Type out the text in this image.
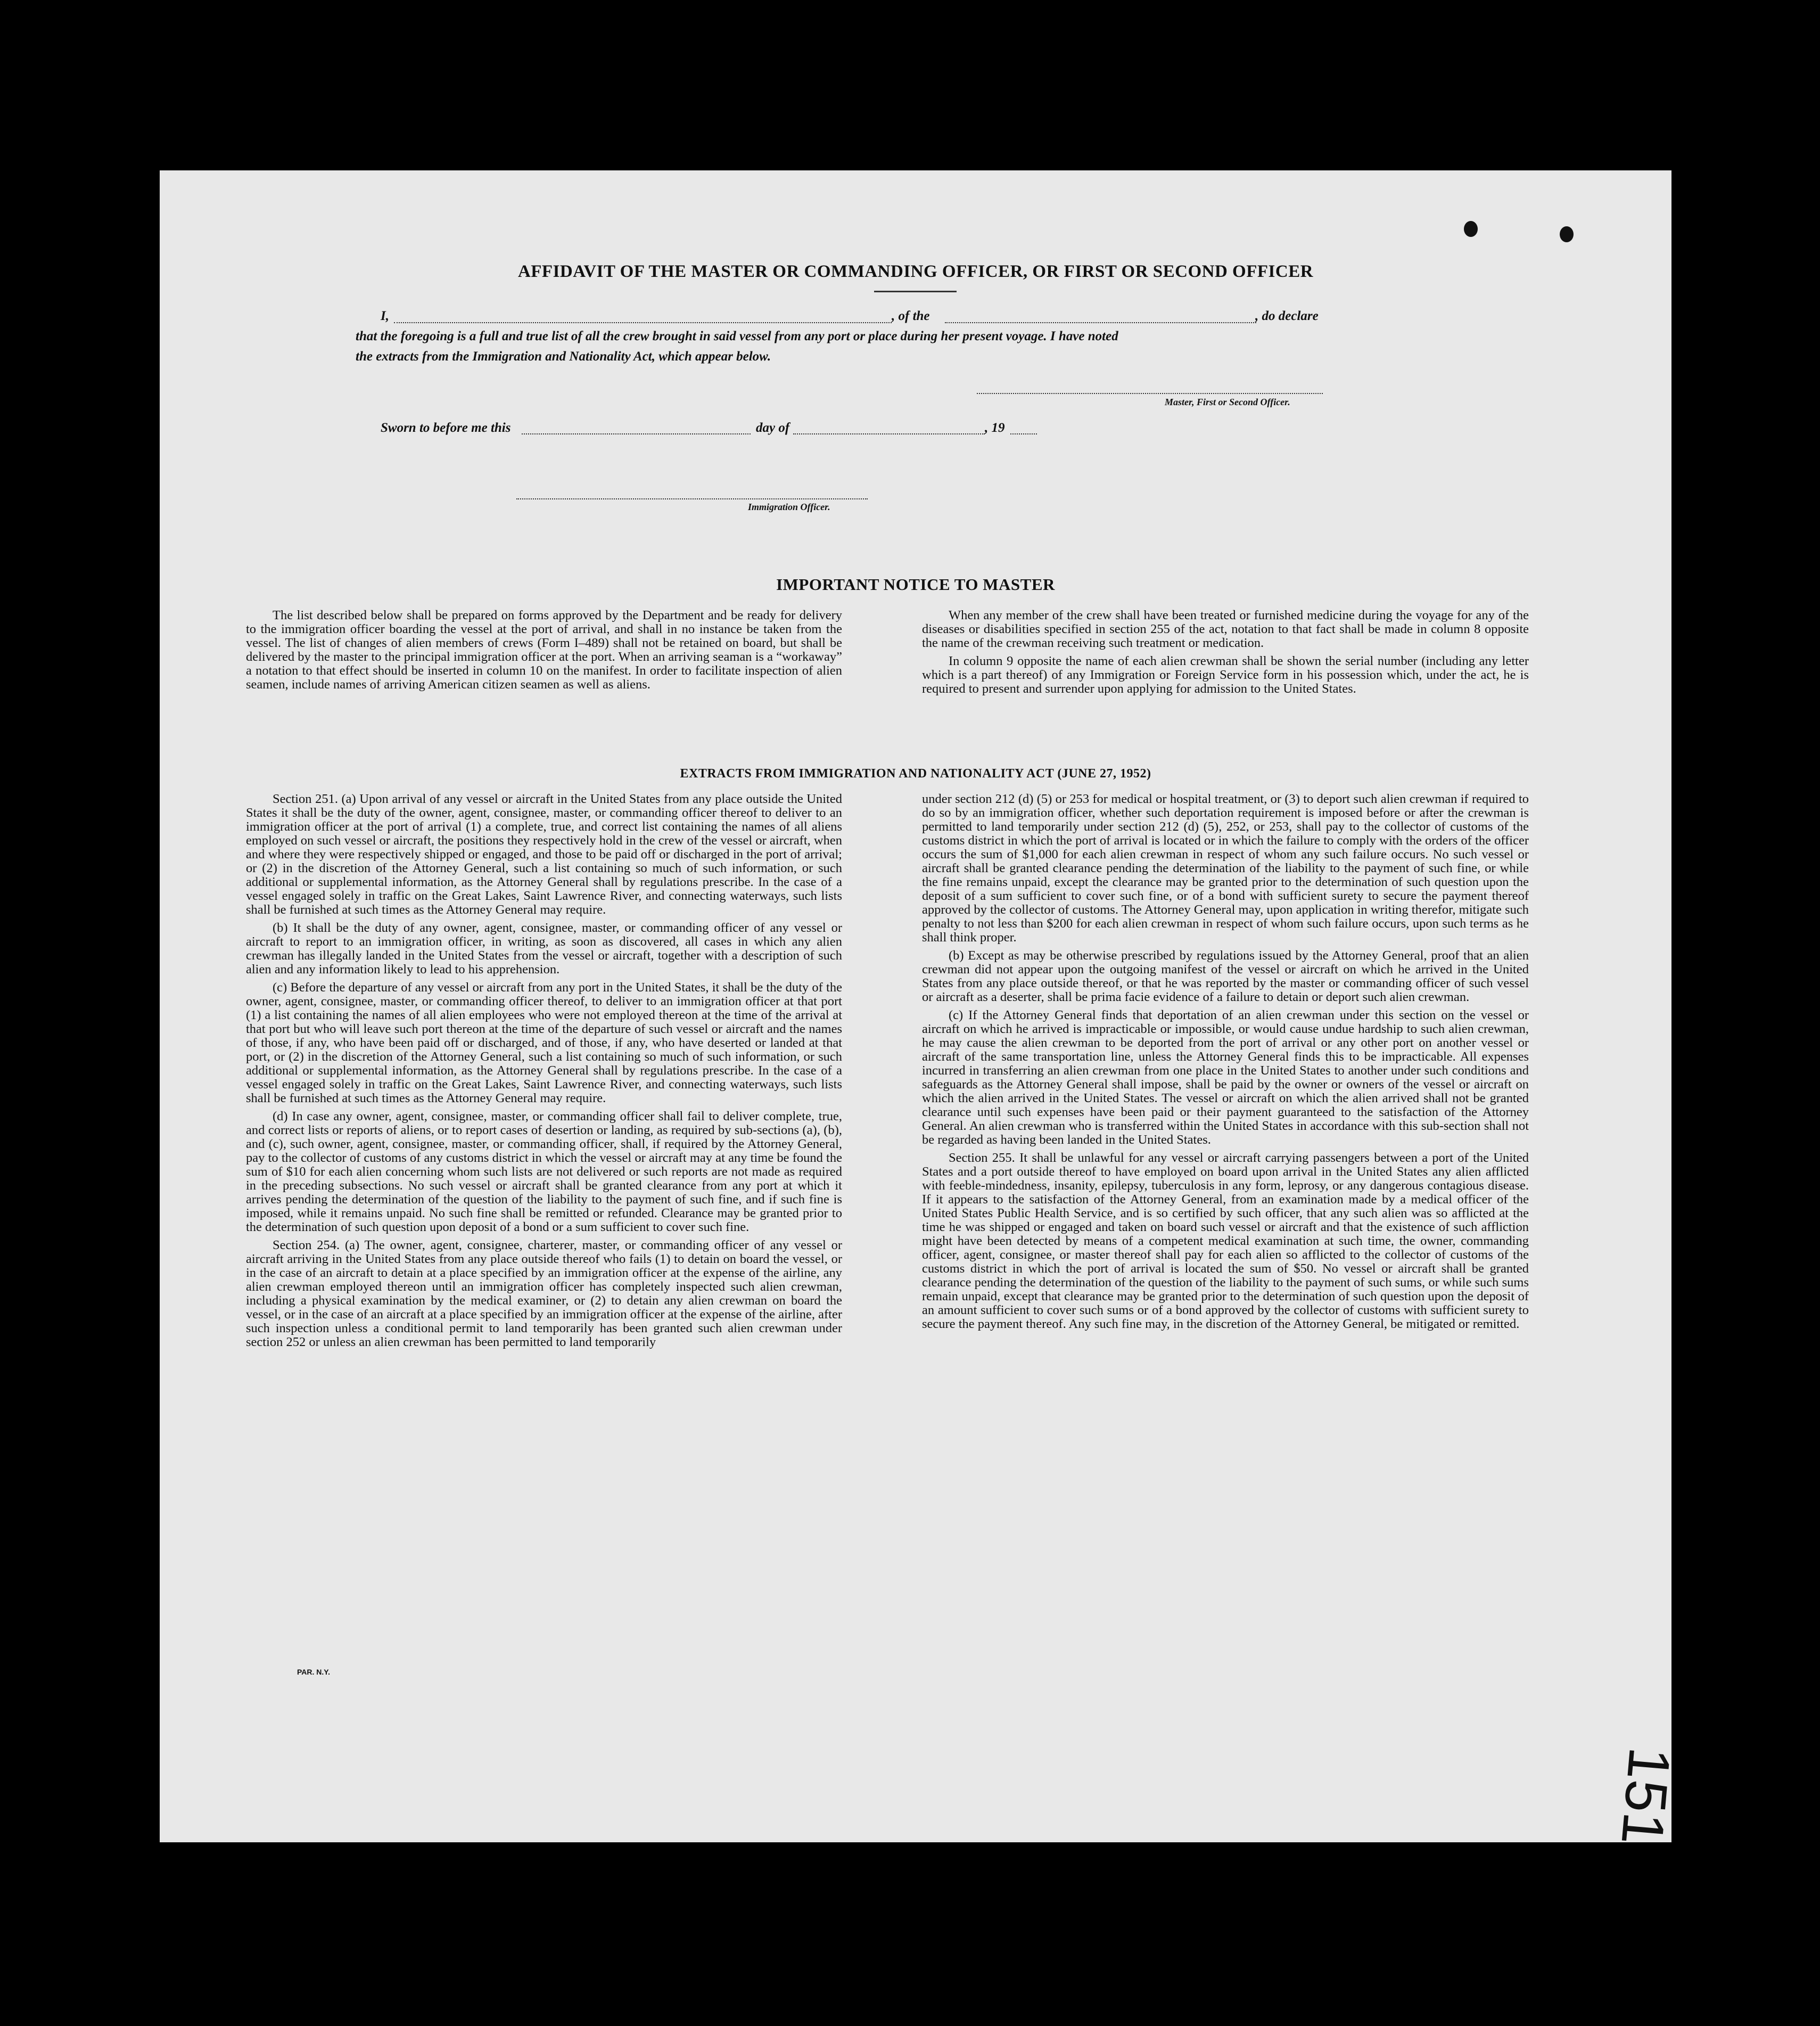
AFFIDAVIT OF THE MASTER OR COMMANDING OFFICER, OR FIRST OR SECOND OFFICER
I,	, of the	, do declare
that the foregoing is a full and true list of all the crew brought in said vessel from any port or place during her present voyage. I have noted
the extracts from the Immigration and Nationality Act, which appear below.
Master, First or Second Officer.
Sworn to before me this	day of	, 19
Immigration Officer.
IMPORTANT NOTICE TO MASTER

The list described below shall be prepared on forms approved by the Department and be ready for delivery to the immigration officer boarding the vessel at the port of arrival, and shall in no instance be taken from the vessel. The list of changes of alien members of crews (Form I–489) shall not be retained on board, but shall be delivered by the master to the principal immigration officer at the port. When an arriving seaman is a “workaway” a notation to that effect should be inserted in column 10 on the manifest. In order to facilitate inspection of alien seamen, include names of arriving American citizen seamen as well as aliens.

When any member of the crew shall have been treated or furnished medicine during the voyage for any of the diseases or disabilities specified in section 255 of the act, notation to that fact shall be made in column 8 opposite the name of the crewman receiving such treatment or medication.

In column 9 opposite the name of each alien crewman shall be shown the serial number (including any letter which is a part thereof) of any Immigration or Foreign Service form in his possession which, under the act, he is required to present and surrender upon applying for admission to the United States.

EXTRACTS FROM IMMIGRATION AND NATIONALITY ACT (JUNE 27, 1952)

Section 251. (a) Upon arrival of any vessel or aircraft in the United States from any place outside the United States it shall be the duty of the owner, agent, consignee, master, or commanding officer thereof to deliver to an immigration officer at the port of arrival (1) a complete, true, and correct list containing the names of all aliens employed on such vessel or aircraft, the positions they respectively hold in the crew of the vessel or aircraft, when and where they were respectively shipped or engaged, and those to be paid off or discharged in the port of arrival; or (2) in the discretion of the Attorney General, such a list containing so much of such information, or such additional or supplemental information, as the Attorney General shall by regulations prescribe. In the case of a vessel engaged solely in traffic on the Great Lakes, Saint Lawrence River, and connecting waterways, such lists shall be furnished at such times as the Attorney General may require.

(b) It shall be the duty of any owner, agent, consignee, master, or commanding officer of any vessel or aircraft to report to an immigration officer, in writing, as soon as discovered, all cases in which any alien crewman has illegally landed in the United States from the vessel or aircraft, together with a description of such alien and any information likely to lead to his apprehension.

(c) Before the departure of any vessel or aircraft from any port in the United States, it shall be the duty of the owner, agent, consignee, master, or commanding officer thereof, to deliver to an immigration officer at that port (1) a list containing the names of all alien employees who were not employed thereon at the time of the arrival at that port but who will leave such port thereon at the time of the departure of such vessel or aircraft and the names of those, if any, who have been paid off or discharged, and of those, if any, who have deserted or landed at that port, or (2) in the discretion of the Attorney General, such a list containing so much of such information, or such additional or supplemental information, as the Attorney General shall by regulations prescribe. In the case of a vessel engaged solely in traffic on the Great Lakes, Saint Lawrence River, and connecting waterways, such lists shall be furnished at such times as the Attorney General may require.

(d) In case any owner, agent, consignee, master, or commanding officer shall fail to deliver complete, true, and correct lists or reports of aliens, or to report cases of desertion or landing, as required by sub-sections (a), (b), and (c), such owner, agent, consignee, master, or commanding officer, shall, if required by the Attorney General, pay to the collector of customs of any customs district in which the vessel or aircraft may at any time be found the sum of $10 for each alien concerning whom such lists are not delivered or such reports are not made as required in the preceding subsections. No such vessel or aircraft shall be granted clearance from any port at which it arrives pending the determination of the question of the liability to the payment of such fine, and if such fine is imposed, while it remains unpaid. No such fine shall be remitted or refunded. Clearance may be granted prior to the determination of such question upon deposit of a bond or a sum sufficient to cover such fine.

Section 254. (a) The owner, agent, consignee, charterer, master, or commanding officer of any vessel or aircraft arriving in the United States from any place outside thereof who fails (1) to detain on board the vessel, or in the case of an aircraft to detain at a place specified by an immigration officer at the expense of the airline, any alien crewman employed thereon until an immigration officer has completely inspected such alien crewman, including a physical examination by the medical examiner, or (2) to detain any alien crewman on board the vessel, or in the case of an aircraft at a place specified by an immigration officer at the expense of the airline, after such inspection unless a conditional permit to land temporarily has been granted such alien crewman under section 252 or unless an alien crewman has been permitted to land temporarily

under section 212 (d) (5) or 253 for medical or hospital treatment, or (3) to deport such alien crewman if required to do so by an immigration officer, whether such deportation requirement is imposed before or after the crewman is permitted to land temporarily under section 212 (d) (5), 252, or 253, shall pay to the collector of customs of the customs district in which the port of arrival is located or in which the failure to comply with the orders of the officer occurs the sum of $1,000 for each alien crewman in respect of whom any such failure occurs. No such vessel or aircraft shall be granted clearance pending the determination of the liability to the payment of such fine, or while the fine remains unpaid, except the clearance may be granted prior to the determination of such question upon the deposit of a sum sufficient to cover such fine, or of a bond with sufficient surety to secure the payment thereof approved by the collector of customs. The Attorney General may, upon application in writing therefor, mitigate such penalty to not less than $200 for each alien crewman in respect of whom such failure occurs, upon such terms as he shall think proper.

(b) Except as may be otherwise prescribed by regulations issued by the Attorney General, proof that an alien crewman did not appear upon the outgoing manifest of the vessel or aircraft on which he arrived in the United States from any place outside thereof, or that he was reported by the master or commanding officer of such vessel or aircraft as a deserter, shall be prima facie evidence of a failure to detain or deport such alien crewman.

(c) If the Attorney General finds that deportation of an alien crewman under this section on the vessel or aircraft on which he arrived is impracticable or impossible, or would cause undue hardship to such alien crewman, he may cause the alien crewman to be deported from the port of arrival or any other port on another vessel or aircraft of the same transportation line, unless the Attorney General finds this to be impracticable. All expenses incurred in transferring an alien crewman from one place in the United States to another under such conditions and safeguards as the Attorney General shall impose, shall be paid by the owner or owners of the vessel or aircraft on which the alien arrived in the United States. The vessel or aircraft on which the alien arrived shall not be granted clearance until such expenses have been paid or their payment guaranteed to the satisfaction of the Attorney General. An alien crewman who is transferred within the United States in accordance with this sub-section shall not be regarded as having been landed in the United States.

Section 255. It shall be unlawful for any vessel or aircraft carrying passengers between a port of the United States and a port outside thereof to have employed on board upon arrival in the United States any alien afflicted with feeble-mindedness, insanity, epilepsy, tuberculosis in any form, leprosy, or any dangerous contagious disease. If it appears to the satisfaction of the Attorney General, from an examination made by a medical officer of the United States Public Health Service, and is so certified by such officer, that any such alien was so afflicted at the time he was shipped or engaged and taken on board such vessel or aircraft and that the existence of such affliction might have been detected by means of a competent medical examination at such time, the owner, commanding officer, agent, consignee, or master thereof shall pay for each alien so afflicted to the collector of customs of the customs district in which the port of arrival is located the sum of $50. No vessel or aircraft shall be granted clearance pending the determination of the question of the liability to the payment of such sums, or while such sums remain unpaid, except that clearance may be granted prior to the determination of such question upon the deposit of an amount sufficient to cover such sums or of a bond approved by the collector of customs with sufficient surety to secure the payment thereof. Any such fine may, in the discretion of the Attorney General, be mitigated or remitted.

PAR. N.Y.
151
